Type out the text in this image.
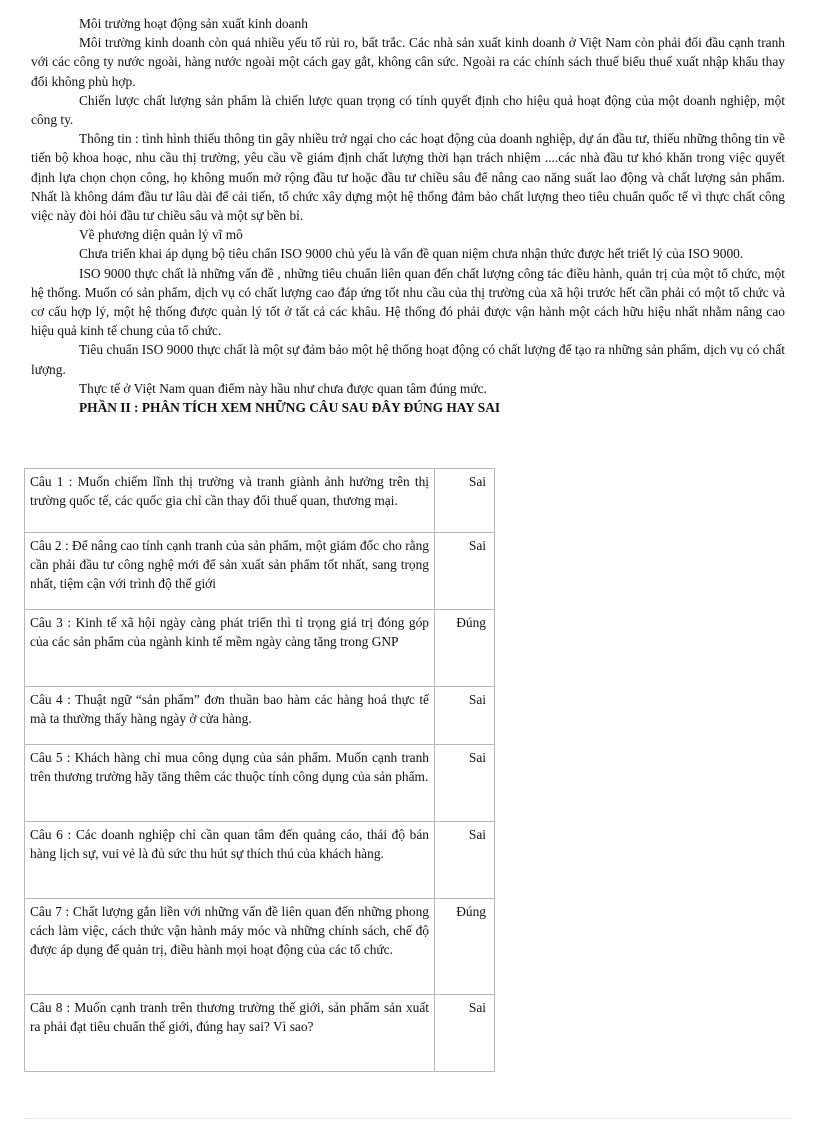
Môi trường hoạt động sản xuất kinh doanh

Môi trường kinh doanh còn quá nhiều yếu tố rủi ro, bất trắc. Các nhà sản xuất kinh doanh ở Việt Nam còn phải đối đầu cạnh tranh với các công ty nước ngoài, hàng nước ngoài một cách gay gắt, không cân sức. Ngoài ra các chính sách thuế biểu thuế xuất nhập khẩu thay đổi không phù hợp.

Chiến lược chất lượng sản phẩm là chiến lược quan trọng có tính quyết định cho hiệu quả hoạt động của một doanh nghiệp, một công ty.

Thông tin : tình hình thiếu thông tin gây nhiều trở ngại cho các hoạt động của doanh nghiệp, dự án đầu tư, thiếu những thông tin về tiến bộ khoa hoạc, nhu cầu thị trường, yêu cầu về giám định chất lượng thời hạn trách nhiệm ....các nhà đầu tư khó khăn trong việc quyết định lựa chọn chọn công, họ không muốn mở rộng đầu tư hoặc đầu tư chiều sâu để nâng cao năng suất lao động và chất lượng sản phẩm. Nhất là không dám đầu tư lâu dài để cải tiến, tổ chức xây dựng một hệ thống đảm bảo chất lượng theo tiêu chuẩn quốc tế vì thực chất công việc này đòi hỏi đầu tư chiều sâu và một sự bền bỉ.

Về phương diện quản lý vĩ mô

Chưa triển khai áp dụng bộ tiêu chẩn ISO 9000 chủ yếu là vấn đề quan niệm chưa nhận thức được hết triết lý của ISO 9000.

ISO 9000 thực chất là những vấn đề , những tiêu chuẩn liên quan đến chất lượng công tác điều hành, quản trị của một tổ chức, một hệ thống. Muốn có sản phẩm, dịch vụ có chất lượng cao đáp ứng tốt nhu cầu của thị trường của xã hội trước hết cần phải có một tổ chức và cơ cấu hợp lý, một hệ thống được quản lý tốt ở tất cả các khâu. Hệ thống đó phải được vận hành một cách hữu hiệu nhất nhằm nâng cao hiệu quả kinh tế chung của tổ chức.

Tiêu chuẩn ISO 9000 thực chất là một sự đảm bảo một hệ thống hoạt động có chất lượng để tạo ra những sản phẩm, dịch vụ có chất lượng.

Thực tế ở Việt Nam quan điểm này hầu như chưa được quan tâm đúng mức.

PHẦN II : PHÂN TÍCH XEM NHỮNG CÂU SAU ĐÂY ĐÚNG HAY SAI

Câu 1 : Muốn chiếm lĩnh thị trường và tranh giành ảnh hưởng trên thị trường quốc tế, các quốc gia chỉ cần thay đổi thuế quan, thương mại.	Sai
Câu 2 : Để nâng cao tính cạnh tranh của sản phẩm, một giám đốc cho rằng cần phải đầu tư công nghệ mới để sản xuất sản phẩm tốt nhất, sang trọng nhất, tiệm cận với trình độ thế giới	Sai
Câu 3 : Kinh tế xã hội ngày càng phát triển thì tỉ trọng giá trị đóng góp của các sản phẩm của ngành kinh tế mềm ngày càng tăng trong GNP	Đúng
Câu 4 : Thuật ngữ “sản phẩm” đơn thuần bao hàm các hàng hoá thực tế mà ta thường thấy hàng ngày ở cửa hàng.	Sai
Câu 5 : Khách hàng chỉ mua công dụng của sản phẩm. Muốn cạnh tranh trên thương trường hãy tăng thêm các thuộc tính công dụng của sản phẩm.	Sai
Câu 6 : Các doanh nghiệp chỉ cần quan tâm đến quảng cáo, thái độ bán hàng lịch sự, vui vẻ là đủ sức thu hút sự thích thú của khách hàng.	Sai
Câu 7 : Chất lượng gắn liền với những vấn đề liên quan đến những phong cách làm việc, cách thức vận hành máy móc và những chính sách, chế độ được áp dụng để quản trị, điều hành mọi hoạt động của các tổ chức.	Đúng
Câu 8 : Muốn cạnh tranh trên thương trường thế giới, sản phẩm sản xuất ra phải đạt tiêu chuẩn thế giới, đúng hay sai? Vì sao?	Sai
